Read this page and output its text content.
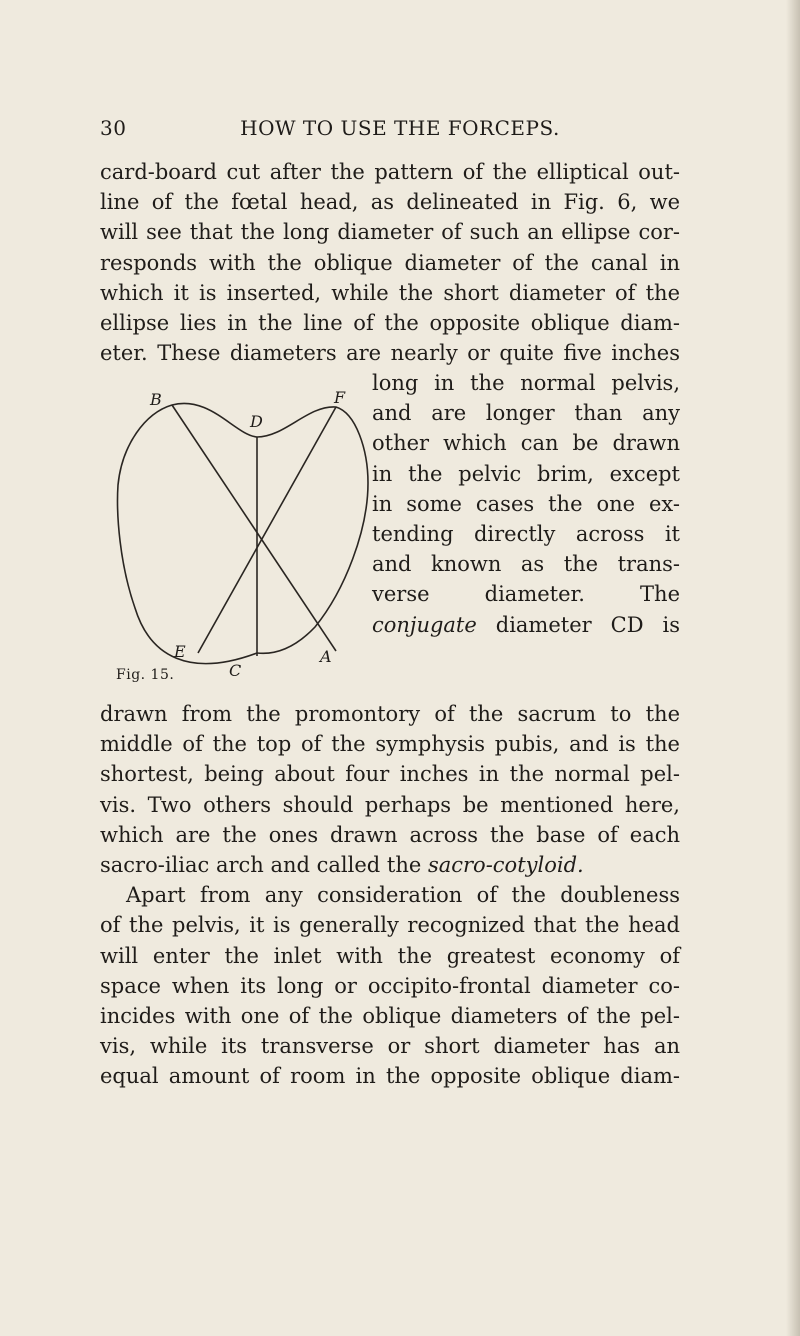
30	HOW TO USE THE FORCEPS.
card-board cut after the pattern of the elliptical out-
line of the fœtal head, as delineated in Fig. 6, we
will see that the long diameter of such an ellipse cor-
responds with the oblique diameter of the canal in
which it is inserted, while the short diameter of the
ellipse lies in the line of the opposite oblique diam-
eter. These diameters are nearly or quite five inches
B
D
F
E
C
A
Fig. 15.
long in the normal pelvis,
and are longer than any
other which can be drawn
in the pelvic brim, except
in some cases the one ex-
tending directly across it
and known as the trans-
verse diameter. The
conjugate diameter CD is
drawn from the promontory of the sacrum to the
middle of the top of the symphysis pubis, and is the
shortest, being about four inches in the normal pel-
vis. Two others should perhaps be mentioned here,
which are the ones drawn across the base of each
sacro-iliac arch and called the sacro-cotyloid.
Apart from any consideration of the doubleness
of the pelvis, it is generally recognized that the head
will enter the inlet with the greatest economy of
space when its long or occipito-frontal diameter co-
incides with one of the oblique diameters of the pel-
vis, while its transverse or short diameter has an
equal amount of room in the opposite oblique diam-
